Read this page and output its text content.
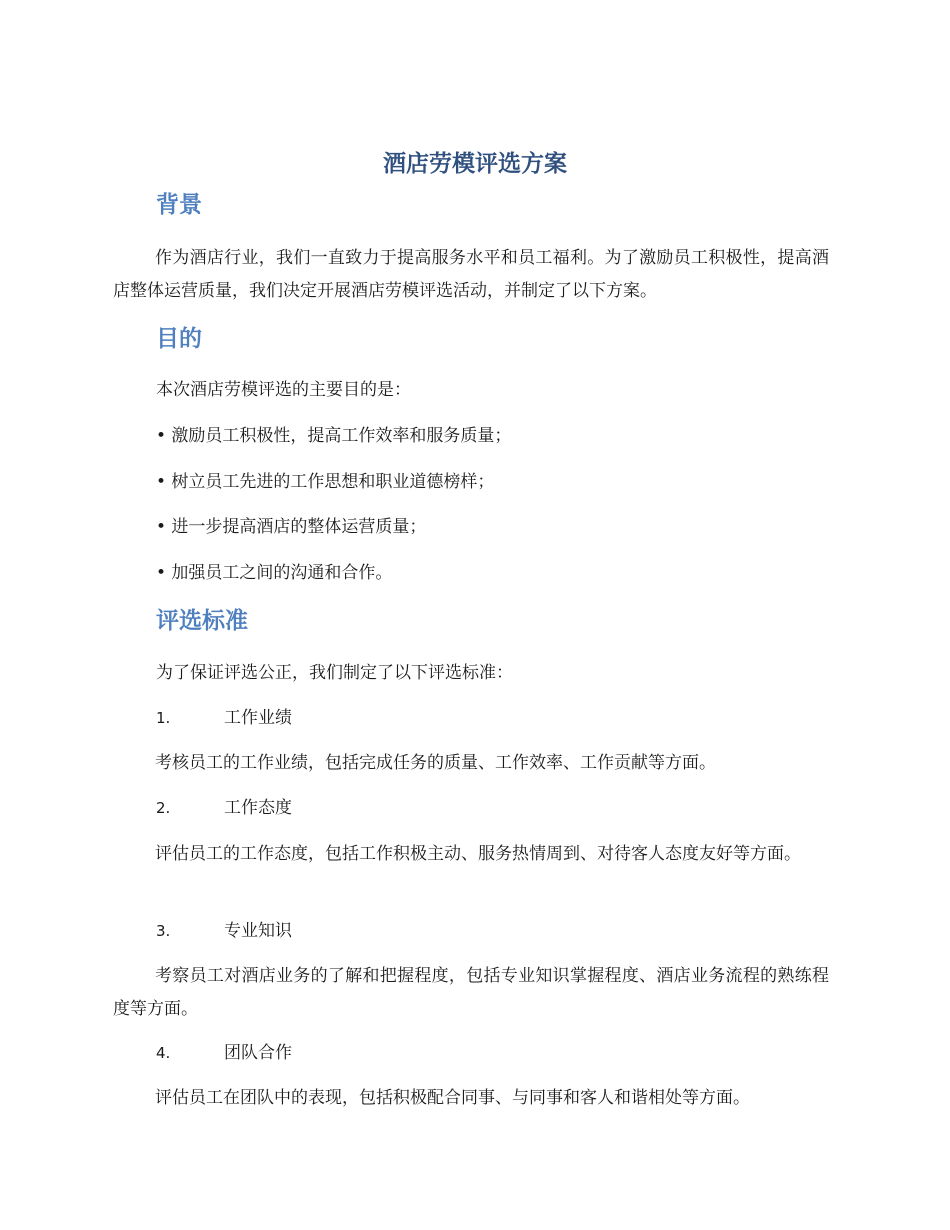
酒店劳模评选方案
背景
作为酒店行业，我们一直致力于提高服务水平和员工福利。为了激励员工积极性，提高酒店整体运营质量，我们决定开展酒店劳模评选活动，并制定了以下方案。
目的
本次酒店劳模评选的主要目的是：
• 激励员工积极性，提高工作效率和服务质量；
• 树立员工先进的工作思想和职业道德榜样；
• 进一步提高酒店的整体运营质量；
• 加强员工之间的沟通和合作。
评选标准
为了保证评选公正，我们制定了以下评选标准：
1.	工作业绩
考核员工的工作业绩，包括完成任务的质量、工作效率、工作贡献等方面。
2.	工作态度
评估员工的工作态度，包括工作积极主动、服务热情周到、对待客人态度友好等方面。
3.	专业知识
考察员工对酒店业务的了解和把握程度，包括专业知识掌握程度、酒店业务流程的熟练程度等方面。
4.	团队合作
评估员工在团队中的表现，包括积极配合同事、与同事和客人和谐相处等方面。
